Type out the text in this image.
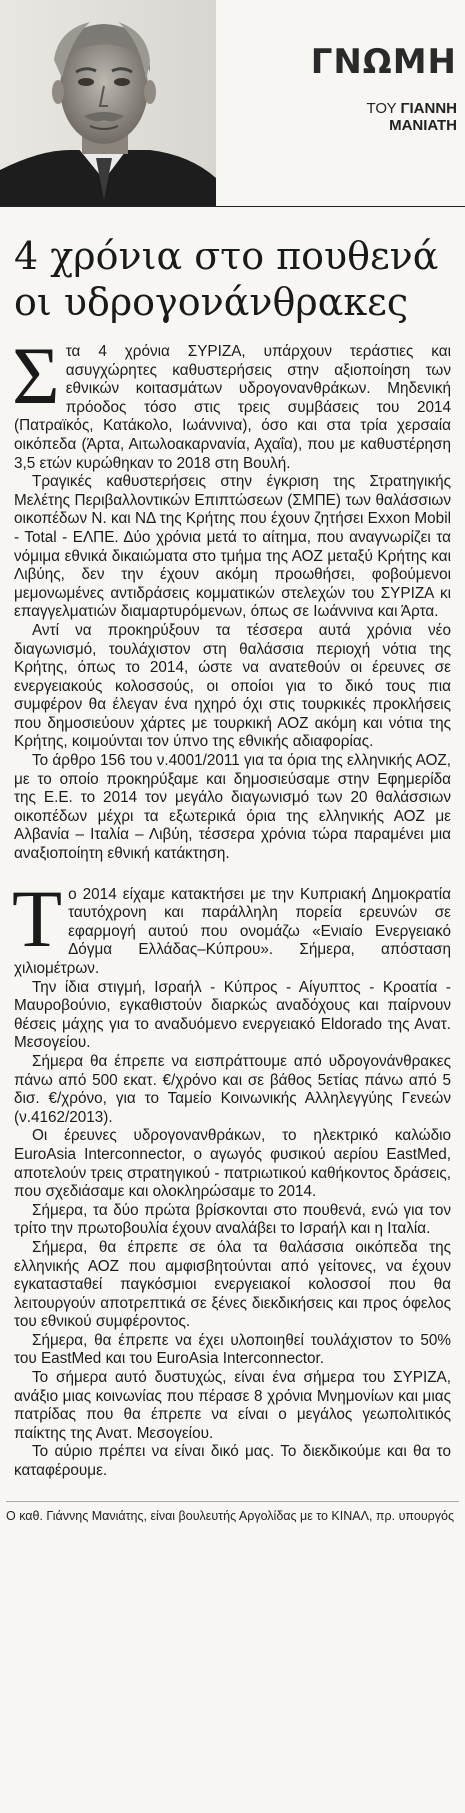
ΓΝΩΜΗ
ΤΟΥ ΓΙΑΝΝΗ
ΜΑΝΙΑΤΗ
4 χρόνια στο πουθενά οι υδρογονάνθρακες

Στα 4 χρόνια ΣΥΡΙΖΑ, υπάρχουν τεράστιες και ασυγχώρητες καθυστερήσεις στην αξιοποίηση των εθνικών κοιτασμάτων υδρογονανθράκων. Μηδενική πρόοδος τόσο στις τρεις συμβάσεις του 2014 (Πατραϊκός, Κατάκολο, Ιωάννινα), όσο και στα τρία χερσαία οικόπεδα (Άρτα, Αιτωλοακαρνανία, Αχαΐα), που με καθυστέρηση 3,5 ετών κυρώθηκαν το 2018 στη Βουλή.

Τραγικές καθυστερήσεις στην έγκριση της Στρατηγικής Μελέτης Περιβαλλοντικών Επιπτώσεων (ΣΜΠΕ) των θαλάσσιων οικοπέδων Ν. και ΝΔ της Κρήτης που έχουν ζητήσει Exxon Mobil - Total - ΕΛΠΕ. Δύο χρόνια μετά το αίτημα, που αναγνωρίζει τα νόμιμα εθνικά δικαιώματα στο τμήμα της ΑΟΖ μεταξύ Κρήτης και Λιβύης, δεν την έχουν ακόμη προωθήσει, φοβούμενοι μεμονωμένες αντιδράσεις κομματικών στελεχών του ΣΥΡΙΖΑ κι επαγγελματιών διαμαρτυρόμενων, όπως σε Ιωάννινα και Άρτα.

Αντί να προκηρύξουν τα τέσσερα αυτά χρόνια νέο διαγωνισμό, τουλάχιστον στη θαλάσσια περιοχή νότια της Κρήτης, όπως το 2014, ώστε να ανατεθούν οι έρευνες σε ενεργειακούς κολοσσούς, οι οποίοι για το δικό τους πια συμφέρον θα έλεγαν ένα ηχηρό όχι στις τουρκικές προκλήσεις που δημοσιεύουν χάρτες με τουρκική ΑΟΖ ακόμη και νότια της Κρήτης, κοιμούνται τον ύπνο της εθνικής αδιαφορίας.

Το άρθρο 156 του ν.4001/2011 για τα όρια της ελληνικής ΑΟΖ, με το οποίο προκηρύξαμε και δημοσιεύσαμε στην Εφημερίδα της Ε.Ε. το 2014 τον μεγάλο διαγωνισμό των 20 θαλάσσιων οικοπέδων μέχρι τα εξωτερικά όρια της ελληνικής ΑΟΖ με Αλβανία – Ιταλία – Λιβύη, τέσσερα χρόνια τώρα παραμένει μια αναξιοποίητη εθνική κατάκτηση.

Το 2014 είχαμε κατακτήσει με την Κυπριακή Δημοκρατία ταυτόχρονη και παράλληλη πορεία ερευνών σε εφαρμογή αυτού που ονομάζω «Ενιαίο Ενεργειακό Δόγμα Ελλάδας–Κύπρου». Σήμερα, απόσταση χιλιομέτρων.

Την ίδια στιγμή, Ισραήλ - Κύπρος - Αίγυπτος - Κροατία - Μαυροβούνιο, εγκαθιστούν διαρκώς αναδόχους και παίρνουν θέσεις μάχης για το αναδυόμενο ενεργειακό Eldorado της Ανατ. Μεσογείου.

Σήμερα θα έπρεπε να εισπράττουμε από υδρογονάνθρακες πάνω από 500 εκατ. €/χρόνο και σε βάθος 5ετίας πάνω από 5 δισ. €/χρόνο, για το Ταμείο Κοινωνικής Αλληλεγγύης Γενεών (ν.4162/2013).

Οι έρευνες υδρογονανθράκων, το ηλεκτρικό καλώδιο EuroAsia Interconnector, ο αγωγός φυσικού αερίου EastMed, αποτελούν τρεις στρατηγικού - πατριωτικού καθήκοντος δράσεις, που σχεδιάσαμε και ολοκληρώσαμε το 2014.

Σήμερα, τα δύο πρώτα βρίσκονται στο πουθενά, ενώ για τον τρίτο την πρωτοβουλία έχουν αναλάβει το Ισραήλ και η Ιταλία.

Σήμερα, θα έπρεπε σε όλα τα θαλάσσια οικόπεδα της ελληνικής ΑΟΖ που αμφισβητούνται από γείτονες, να έχουν εγκατασταθεί παγκόσμιοι ενεργειακοί κολοσσοί που θα λειτουργούν αποτρεπτικά σε ξένες διεκδικήσεις και προς όφελος του εθνικού συμφέροντος.

Σήμερα, θα έπρεπε να έχει υλοποιηθεί τουλάχιστον το 50% του EastMed και του EuroAsia Interconnector.

Το σήμερα αυτό δυστυχώς, είναι ένα σήμερα του ΣΥΡΙΖΑ, ανάξιο μιας κοινωνίας που πέρασε 8 χρόνια Μνημονίων και μιας πατρίδας που θα έπρεπε να είναι ο μεγάλος γεωπολιτικός παίκτης της Ανατ. Μεσογείου.

Το αύριο πρέπει να είναι δικό μας. Το διεκδικούμε και θα το καταφέρουμε.

Ο καθ. Γιάννης Μανιάτης, είναι βουλευτής Αργολίδας με το ΚΙΝΑΛ, πρ. υπουργός
